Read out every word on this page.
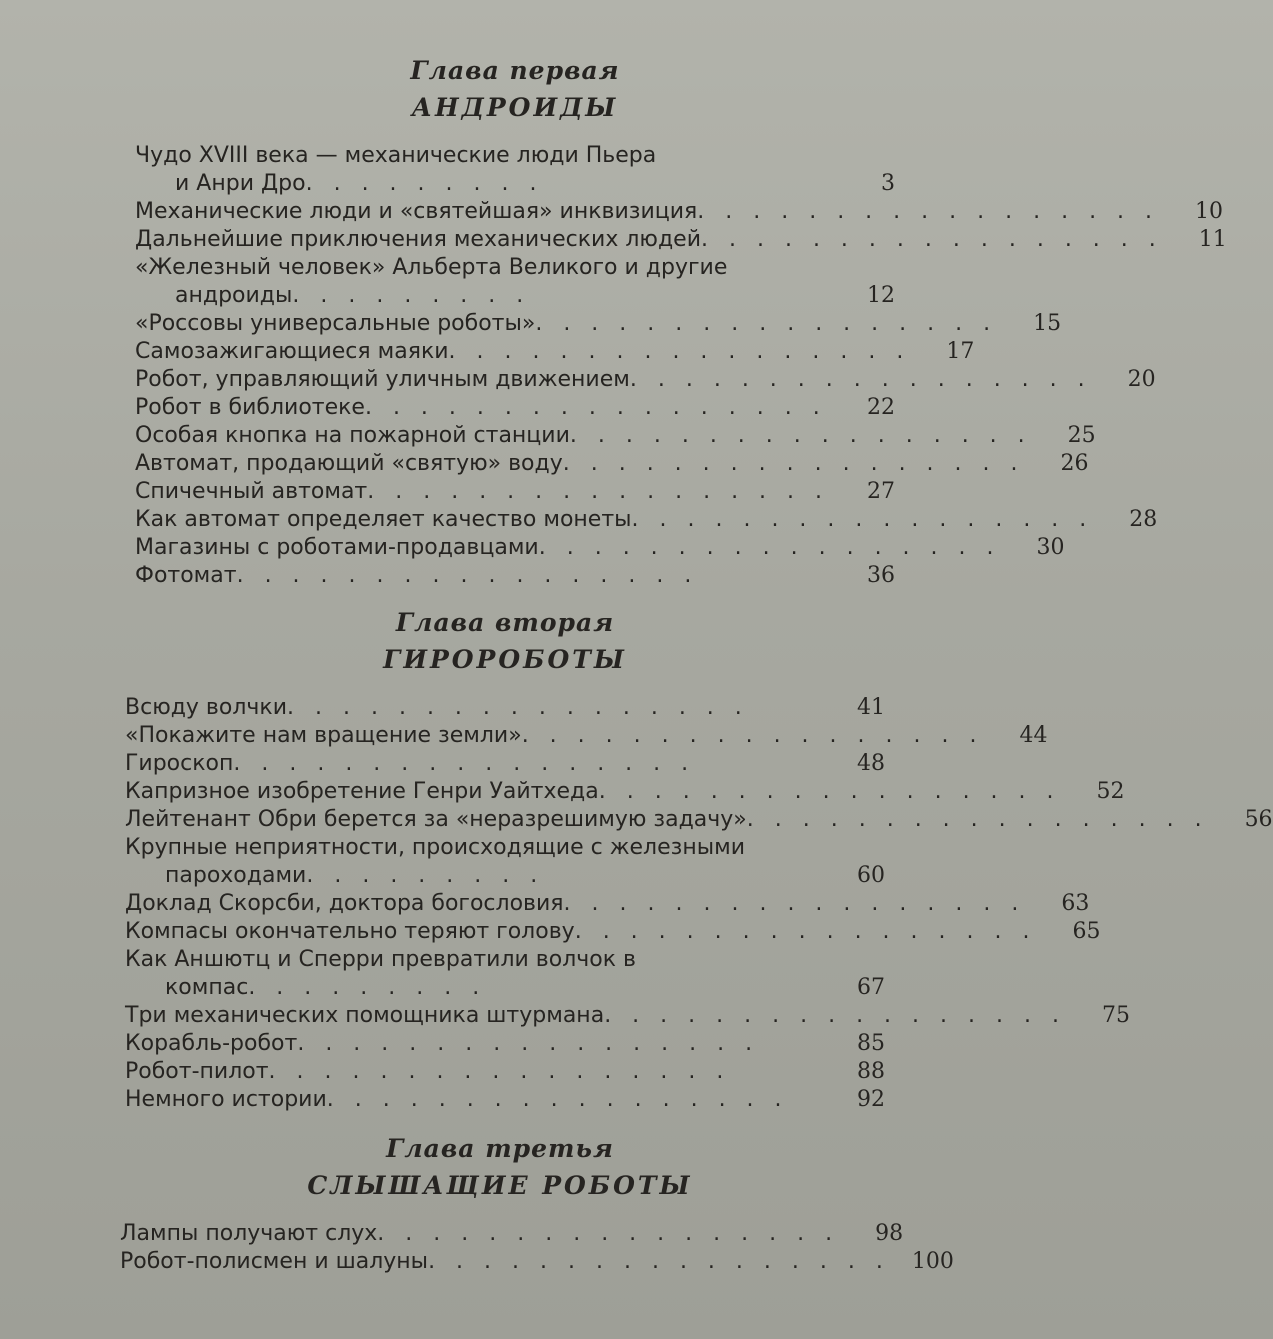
Глава первая
АНДРОИДЫ
Чудо XVIII века — механические люди Пьера
и Анри Дро. . . . . . . . .	3
Механические люди и «святейшая» инквизиция. . . . . . . . . . . . . . . . .	10
Дальнейшие приключения механических людей. . . . . . . . . . . . . . . . .	11
«Железный человек» Альберта Великого и другие
андроиды. . . . . . . . .	12
«Россовы универсальные роботы». . . . . . . . . . . . . . . . .	15
Самозажигающиеся маяки. . . . . . . . . . . . . . . . .	17
Робот, управляющий уличным движением. . . . . . . . . . . . . . . . .	20
Робот в библиотеке. . . . . . . . . . . . . . . . .	22
Особая кнопка на пожарной станции. . . . . . . . . . . . . . . . .	25
Автомат, продающий «святую» воду. . . . . . . . . . . . . . . . .	26
Спичечный автомат. . . . . . . . . . . . . . . . .	27
Как автомат определяет качество монеты. . . . . . . . . . . . . . . . .	28
Магазины с роботами-продавцами. . . . . . . . . . . . . . . . .	30
Фотомат. . . . . . . . . . . . . . . . .	36
Глава вторая
ГИРОРОБОТЫ
Всюду волчки. . . . . . . . . . . . . . . . .	41
«Покажите нам вращение земли». . . . . . . . . . . . . . . . .	44
Гироскоп. . . . . . . . . . . . . . . . .	48
Капризное изобретение Генри Уайтхеда. . . . . . . . . . . . . . . . .	52
Лейтенант Обри берется за «неразрешимую задачу». . . . . . . . . . . . . . . . .	56
Крупные неприятности, происходящие с железными
пароходами. . . . . . . . .	60
Доклад Скорсби, доктора богословия. . . . . . . . . . . . . . . . .	63
Компасы окончательно теряют голову. . . . . . . . . . . . . . . . .	65
Как Аншютц и Сперри превратили волчок в
компас. . . . . . . . .	67
Три механических помощника штурмана. . . . . . . . . . . . . . . . .	75
Корабль-робот. . . . . . . . . . . . . . . . .	85
Робот-пилот. . . . . . . . . . . . . . . . .	88
Немного истории. . . . . . . . . . . . . . . . .	92
Глава третья
СЛЫШАЩИЕ РОБОТЫ
Лампы получают слух. . . . . . . . . . . . . . . . .	98
Робот-полисмен и шалуны. . . . . . . . . . . . . . . . .	100
